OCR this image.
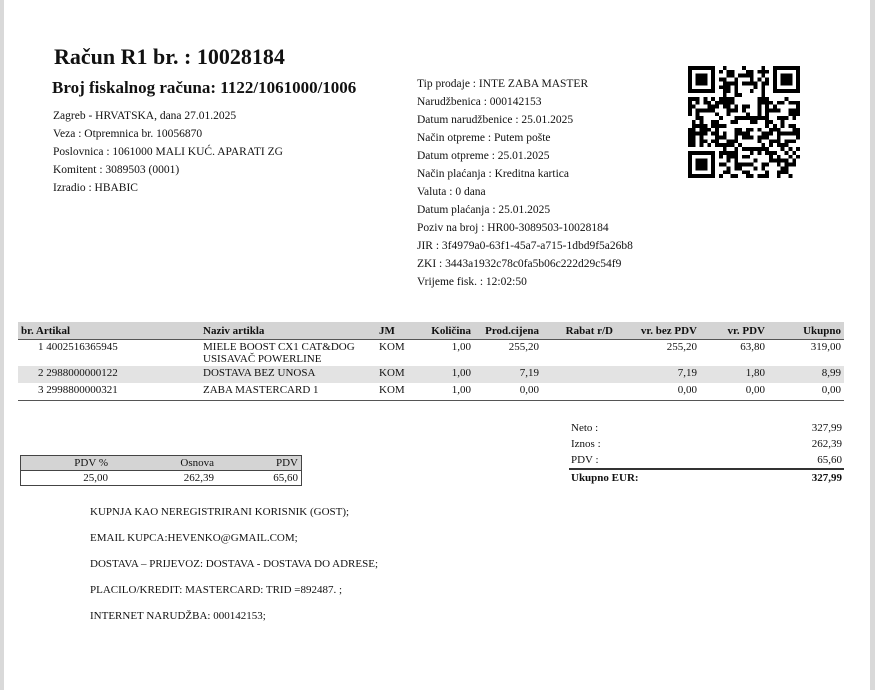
Račun R1 br. : 10028184
Broj fiskalnog računa: 1122/1061000/1006
Zagreb - HRVATSKA, dana 27.01.2025
Veza : Otpremnica br. 10056870
Poslovnica : 1061000 MALI KUĆ. APARATI ZG
Komitent : 3089503 (0001)
Izradio : HBABIC
Tip prodaje : INTE ZABA MASTER
Narudžbenica : 000142153
Datum narudžbenice : 25.01.2025
Način otpreme : Putem pošte
Datum otpreme : 25.01.2025
Način plaćanja : Kreditna kartica
Valuta : 0 dana
Datum plaćanja : 25.01.2025
Poziv na broj : HR00-3089503-10028184
JIR : 3f4979a0-63f1-45a7-a715-1dbd9f5a26b8
ZKI : 3443a1932c78c0fa5b06c222d29c54f9
Vrijeme fisk. : 12:02:50
br. Artikal	Naziv artikla	JM	Količina	Prod.cijena	Rabat r/D	vr. bez PDV	vr. PDV	Ukupno
1 4002516365945	MIELE BOOST CX1 CAT&DOG
USISAVAČ POWERLINE	KOM	1,00	255,20		255,20	63,80	319,00
2 2988000000122	DOSTAVA BEZ UNOSA	KOM	1,00	7,19		7,19	1,80	8,99
3 2998800000321	ZABA MASTERCARD 1	KOM	1,00	0,00		0,00	0,00	0,00
Neto :	327,99
Iznos :	262,39
PDV :	65,60
Ukupno EUR:	327,99
PDV %	Osnova	PDV
25,00	262,39	65,60
KUPNJA KAO NEREGISTRIRANI KORISNIK (GOST);
EMAIL KUPCA:HEVENKO@GMAIL.COM;
DOSTAVA – PRIJEVOZ: DOSTAVA - DOSTAVA DO ADRESE;
PLACILO/KREDIT: MASTERCARD: TRID =892487. ;
INTERNET NARUDŽBA: 000142153;
